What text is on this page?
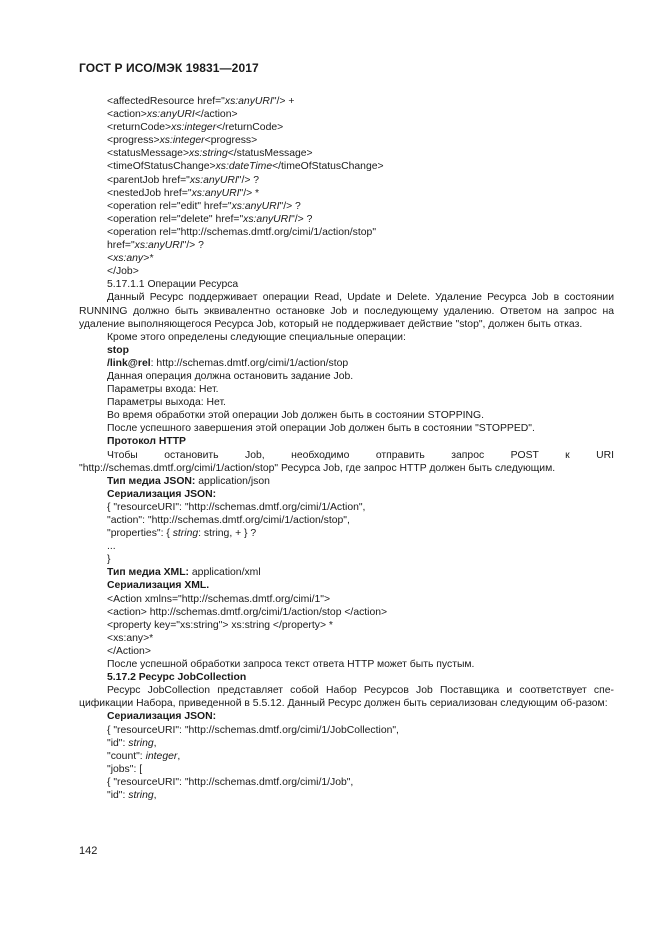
ГОСТ Р ИСО/МЭК 19831—2017
<affectedResource href="xs:anyURI"/> +
<action>xs:anyURI</action>
<returnCode>xs:integer</returnCode>
<progress>xs:integer<progress>
<statusMessage>xs:string</statusMessage>
<timeOfStatusChange>xs:dateTime</timeOfStatusChange>
<parentJob href="xs:anyURI"/> ?
<nestedJob href="xs:anyURI"/> *
<operation rel="edit" href="xs:anyURI"/> ?
<operation rel="delete" href="xs:anyURI"/> ?
<operation rel="http://schemas.dmtf.org/cimi/1/action/stop"
href="xs:anyURI"/> ?
<xs:any>*
</Job>
5.17.1.1 Операции Ресурса
Данный Ресурс поддерживает операции Read, Update и Delete. Удаление Ресурса Job в состоянии RUNNING должно быть эквивалентно остановке Job и последующему удалению. Ответом на запрос на удаление выполняющегося Ресурса Job, который не поддерживает действие "stop", должен быть отказ.
Кроме этого определены следующие специальные операции:
stop
/link@rel: http://schemas.dmtf.org/cimi/1/action/stop
Данная операция должна остановить задание Job.
Параметры входа: Нет.
Параметры выхода: Нет.
Во время обработки этой операции Job должен быть в состоянии STOPPING.
После успешного завершения этой операции Job должен быть в состоянии "STOPPED".
Протокол HTTP
Чтобы остановить Job, необходимо отправить запрос POST к URI "http://schemas.dmtf.org/cimi/1/action/stop" Ресурса Job, где запрос HTTP должен быть следующим.
Тип медиа JSON: application/json
Сериализация JSON:
{ "resourceURI": "http://schemas.dmtf.org/cimi/1/Action",
"action": "http://schemas.dmtf.org/cimi/1/action/stop",
"properties": { string: string, + } ?
...
}
Тип медиа XML: application/xml
Сериализация XML.
<Action xmlns="http://schemas.dmtf.org/cimi/1">
<action> http://schemas.dmtf.org/cimi/1/action/stop </action>
<property key="xs:string"> xs:string </property> *
<xs:any>*
</Action>
После успешной обработки запроса текст ответа HTTP может быть пустым.
5.17.2 Ресурс JobCollection
Ресурс JobCollection представляет собой Набор Ресурсов Job Поставщика и соответствует спе-цификации Набора, приведенной в 5.5.12. Данный Ресурс должен быть сериализован следующим об-разом:
Сериализация JSON:
{ "resourceURI": "http://schemas.dmtf.org/cimi/1/JobCollection",
"id": string,
"count": integer,
"jobs": [
{ "resourceURI": "http://schemas.dmtf.org/cimi/1/Job",
"id": string,
142
